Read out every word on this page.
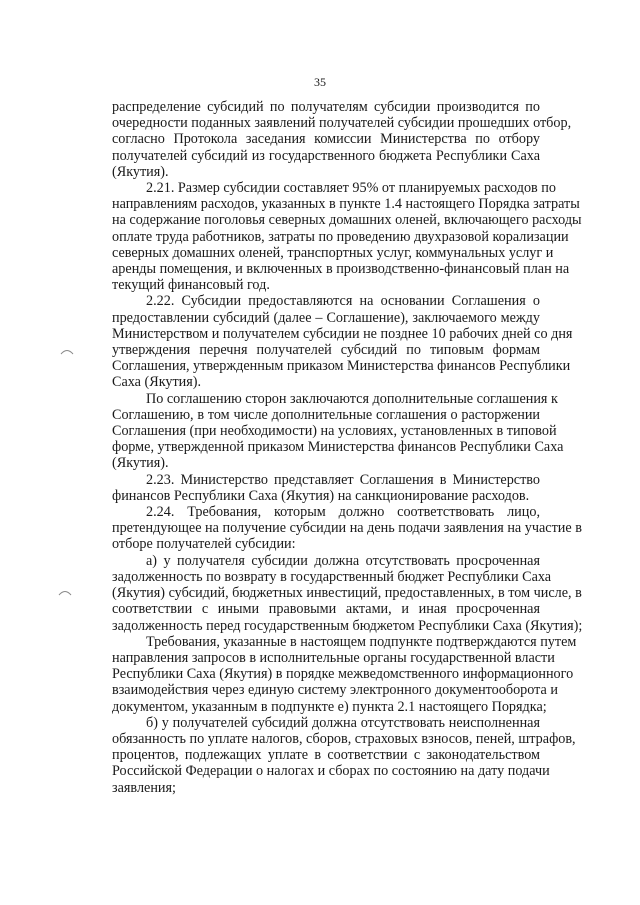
35

распределение субсидий по получателям субсидии производится по
очередности поданных заявлений получателей субсидии прошедших отбор,
согласно Протокола заседания комиссии Министерства по отбору
получателей субсидий из государственного бюджета Республики Саха
(Якутия).

2.21. Размер субсидии составляет 95% от планируемых расходов по
направлениям расходов, указанных в пункте 1.4 настоящего Порядка затраты
на содержание поголовья северных домашних оленей, включающего расходы
оплате труда работников, затраты по проведению двухразовой корализации
северных домашних оленей, транспортных услуг, коммунальных услуг и
аренды помещения, и включенных в производственно-финансовый план на
текущий финансовый год.

2.22. Субсидии предоставляются на основании Соглашения о
предоставлении субсидий (далее – Соглашение), заключаемого между
Министерством и получателем субсидии не позднее 10 рабочих дней со дня
утверждения перечня получателей субсидий по типовым формам
Соглашения, утвержденным приказом Министерства финансов Республики
Саха (Якутия).

По соглашению сторон заключаются дополнительные соглашения к
Соглашению, в том числе дополнительные соглашения о расторжении
Соглашения (при необходимости) на условиях, установленных в типовой
форме, утвержденной приказом Министерства финансов Республики Саха
(Якутия).

2.23. Министерство представляет Соглашения в Министерство
финансов Республики Саха (Якутия) на санкционирование расходов.

2.24. Требования, которым должно соответствовать лицо,
претендующее на получение субсидии на день подачи заявления на участие в
отборе получателей субсидии:

а) у получателя субсидии должна отсутствовать просроченная
задолженность по возврату в государственный бюджет Республики Саха
(Якутия) субсидий, бюджетных инвестиций, предоставленных, в том числе, в
соответствии с иными правовыми актами, и иная просроченная
задолженность перед государственным бюджетом Республики Саха (Якутия);

Требования, указанные в настоящем подпункте подтверждаются путем
направления запросов в исполнительные органы государственной власти
Республики Саха (Якутия) в порядке межведомственного информационного
взаимодействия через единую систему электронного документооборота и
документом, указанным в подпункте е) пункта 2.1 настоящего Порядка;

б) у получателей субсидий должна отсутствовать неисполненная
обязанность по уплате налогов, сборов, страховых взносов, пеней, штрафов,
процентов, подлежащих уплате в соответствии с законодательством
Российской Федерации о налогах и сборах по состоянию на дату подачи
заявления;
